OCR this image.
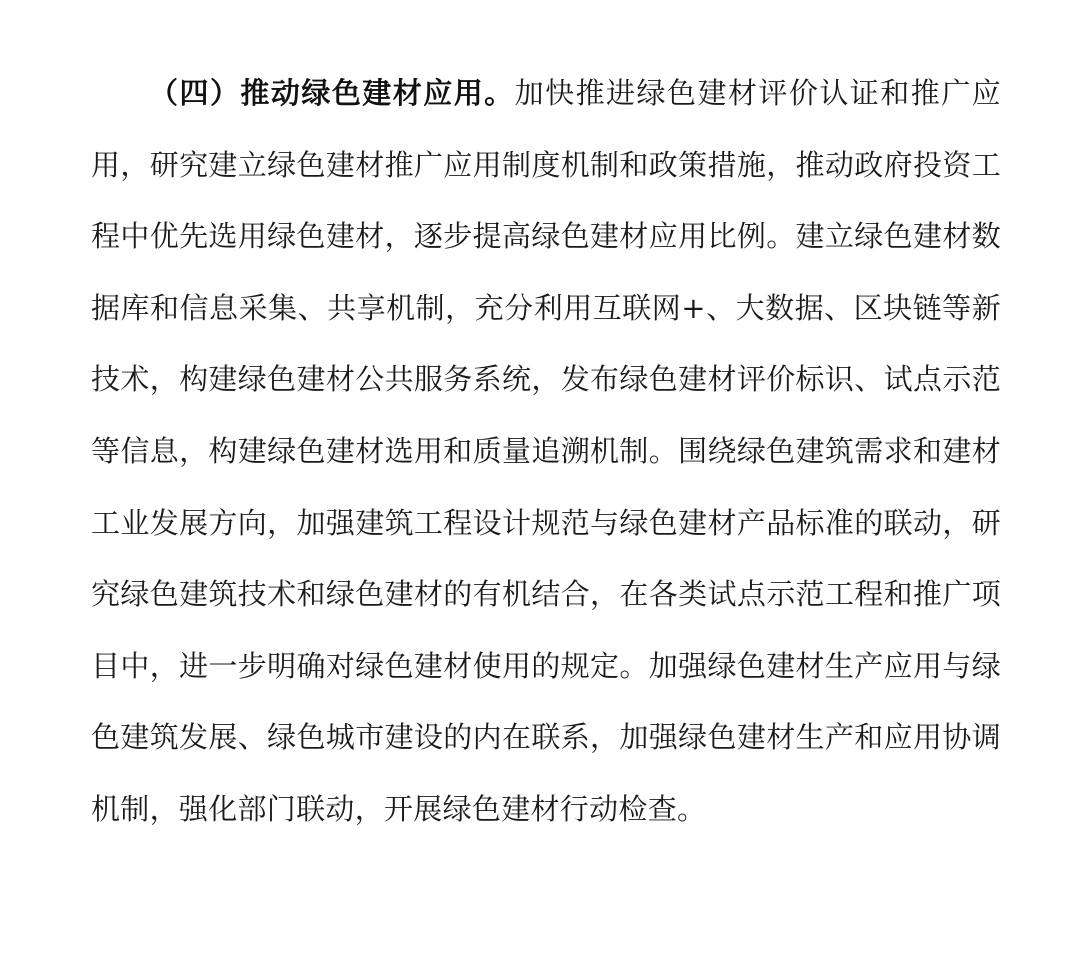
（四）推动绿色建材应用。加快推进绿色建材评价认证和推广应用，研究建立绿色建材推广应用制度机制和政策措施，推动政府投资工程中优先选用绿色建材，逐步提高绿色建材应用比例。建立绿色建材数据库和信息采集、共享机制，充分利用互联网+、大数据、区块链等新技术，构建绿色建材公共服务系统，发布绿色建材评价标识、试点示范等信息，构建绿色建材选用和质量追溯机制。围绕绿色建筑需求和建材工业发展方向，加强建筑工程设计规范与绿色建材产品标准的联动，研究绿色建筑技术和绿色建材的有机结合，在各类试点示范工程和推广项目中，进一步明确对绿色建材使用的规定。加强绿色建材生产应用与绿色建筑发展、绿色城市建设的内在联系，加强绿色建材生产和应用协调机制，强化部门联动，开展绿色建材行动检查。
